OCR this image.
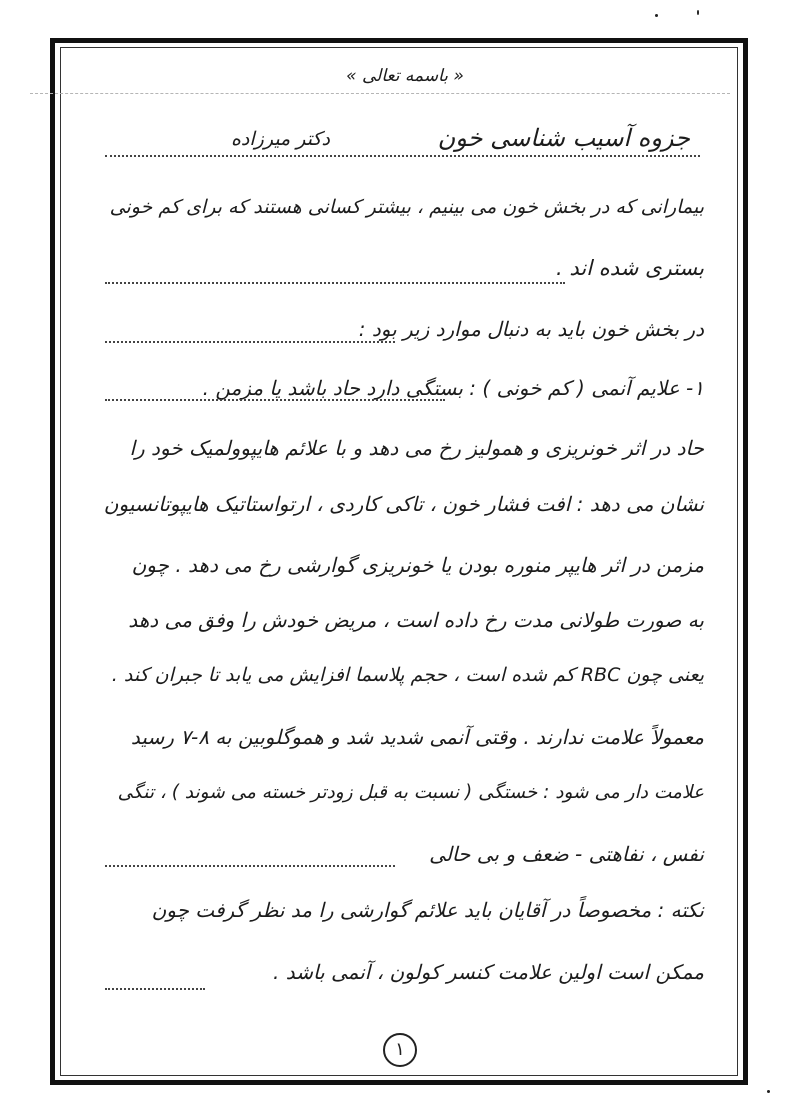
« باسمه تعالی »
جزوه آسیب شناسی خون
دکتر میرزاده
بیمارانی که در بخش خون می بینیم ، بیشتر کسانی هستند که برای کم خونی
بستری شده اند .
در بخش خون باید به دنبال موارد زیر بود :
۱- علایم آنمی ( کم خونی ) : بستگی دارد حاد باشد یا مزمن .
حاد در اثر خونریزی و همولیز رخ می دهد و با علائم هایپوولمیک خود را
نشان می دهد : افت فشار خون ، تاکی کاردی ، ارتواستاتیک هایپوتانسیون
مزمن در اثر هایپر منوره بودن یا خونریزی گوارشی رخ می دهد . چون
به صورت طولانی مدت رخ داده است ، مریض خودش را وفق می دهد
یعنی چون RBC کم شده است ، حجم پلاسما افزایش می یابد تا جبران کند .
معمولاً علامت ندارند . وقتی آنمی شدید شد و هموگلوبین به ۸-۷ رسید
علامت دار می شود : خستگی ( نسبت به قبل زودتر خسته می شوند ) ، تنگی
نفس ، نفاهتی - ضعف و بی حالی
نکته : مخصوصاً در آقایان باید علائم گوارشی را مد نظر گرفت چون
ممکن است اولین علامت کنسر کولون ، آنمی باشد .
۱
